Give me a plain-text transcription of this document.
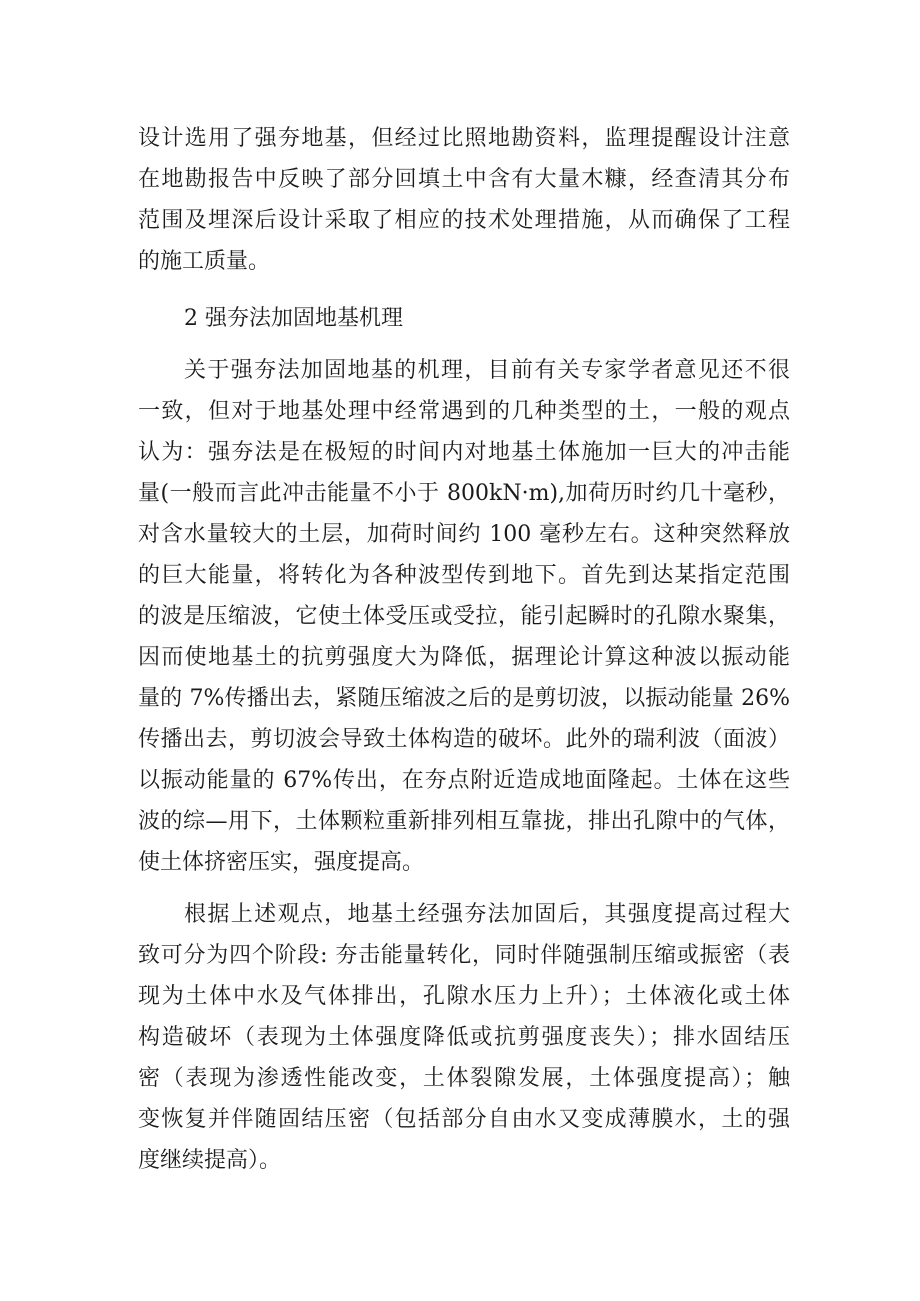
设计选用了强夯地基，但经过比照地勘资料，监理提醒设计注意
在地勘报告中反映了部分回填土中含有大量木糠，经查清其分布
范围及埋深后设计采取了相应的技术处理措施，从而确保了工程
的施工质量。
2 强夯法加固地基机理
关于强夯法加固地基的机理，目前有关专家学者意见还不很
一致，但对于地基处理中经常遇到的几种类型的土，一般的观点
认为：强夯法是在极短的时间内对地基土体施加一巨大的冲击能
量(一般而言此冲击能量不小于 800kN·m),加荷历时约几十毫秒，
对含水量较大的土层，加荷时间约 100 毫秒左右。这种突然释放
的巨大能量，将转化为各种波型传到地下。首先到达某指定范围
的波是压缩波，它使土体受压或受拉，能引起瞬时的孔隙水聚集，
因而使地基土的抗剪强度大为降低，据理论计算这种波以振动能
量的 7%传播出去，紧随压缩波之后的是剪切波，以振动能量 26%
传播出去，剪切波会导致土体构造的破坏。此外的瑞利波（面波）
以振动能量的 67%传出，在夯点附近造成地面隆起。土体在这些
波的综—用下，土体颗粒重新排列相互靠拢，排出孔隙中的气体，
使土体挤密压实，强度提高。
根据上述观点，地基土经强夯法加固后，其强度提高过程大
致可分为四个阶段: 夯击能量转化，同时伴随强制压缩或振密（表
现为土体中水及气体排出，孔隙水压力上升）；土体液化或土体
构造破坏（表现为土体强度降低或抗剪强度丧失）；排水固结压
密（表现为渗透性能改变，土体裂隙发展，土体强度提高）；触
变恢复并伴随固结压密（包括部分自由水又变成薄膜水，土的强
度继续提高）。
